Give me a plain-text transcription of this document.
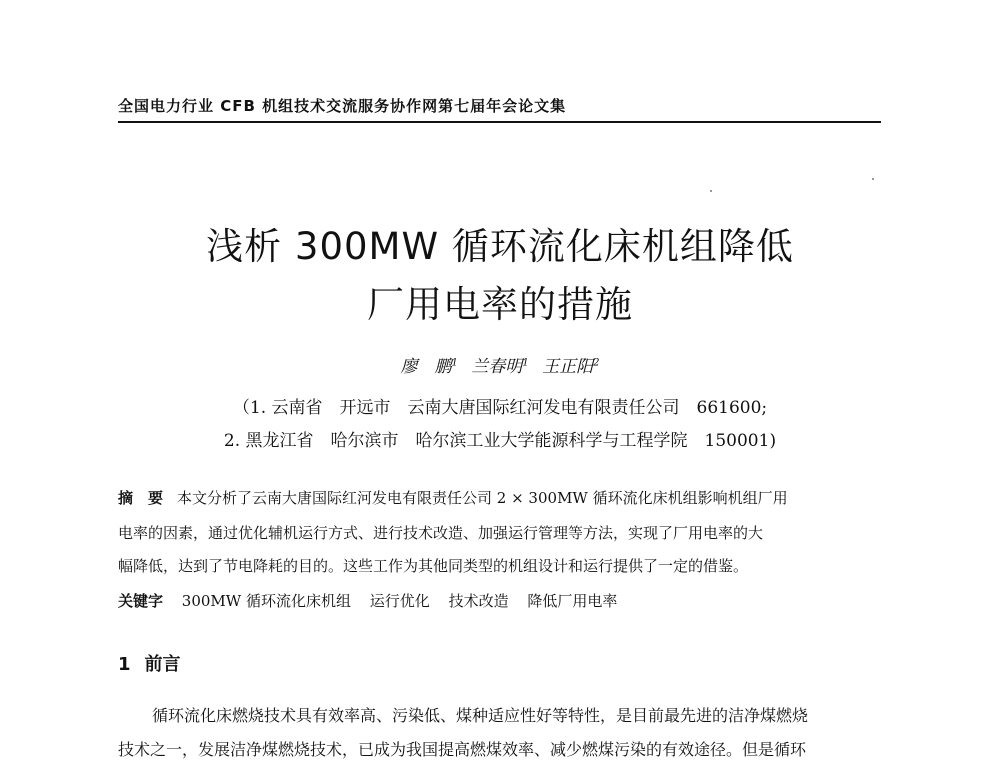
全国电力行业 CFB 机组技术交流服务协作网第七届年会论文集
浅析 300MW 循环流化床机组降低
厂用电率的措施
廖　鹏$^1$ 兰春明$^1$ 王正阳$^2$
（1. 云南省　开远市　云南大唐国际红河发电有限责任公司　661600;
2. 黑龙江省　哈尔滨市　哈尔滨工业大学能源科学与工程学院　150001)
摘　要 本文分析了云南大唐国际红河发电有限责任公司 2 × 300MW 循环流化床机组影响机组厂用
电率的因素，通过优化辅机运行方式、进行技术改造、加强运行管理等方法，实现了厂用电率的大
幅降低，达到了节电降耗的目的。这些工作为其他同类型的机组设计和运行提供了一定的借鉴。
关键字 300MW 循环流化床机组 运行优化 技术改造 降低厂用电率
1 前言
循环流化床燃烧技术具有效率高、污染低、煤种适应性好等特性，是目前最先进的洁净煤燃烧
技术之一，发展洁净煤燃烧技术，已成为我国提高燃煤效率、减少燃煤污染的有效途径。但是循环
